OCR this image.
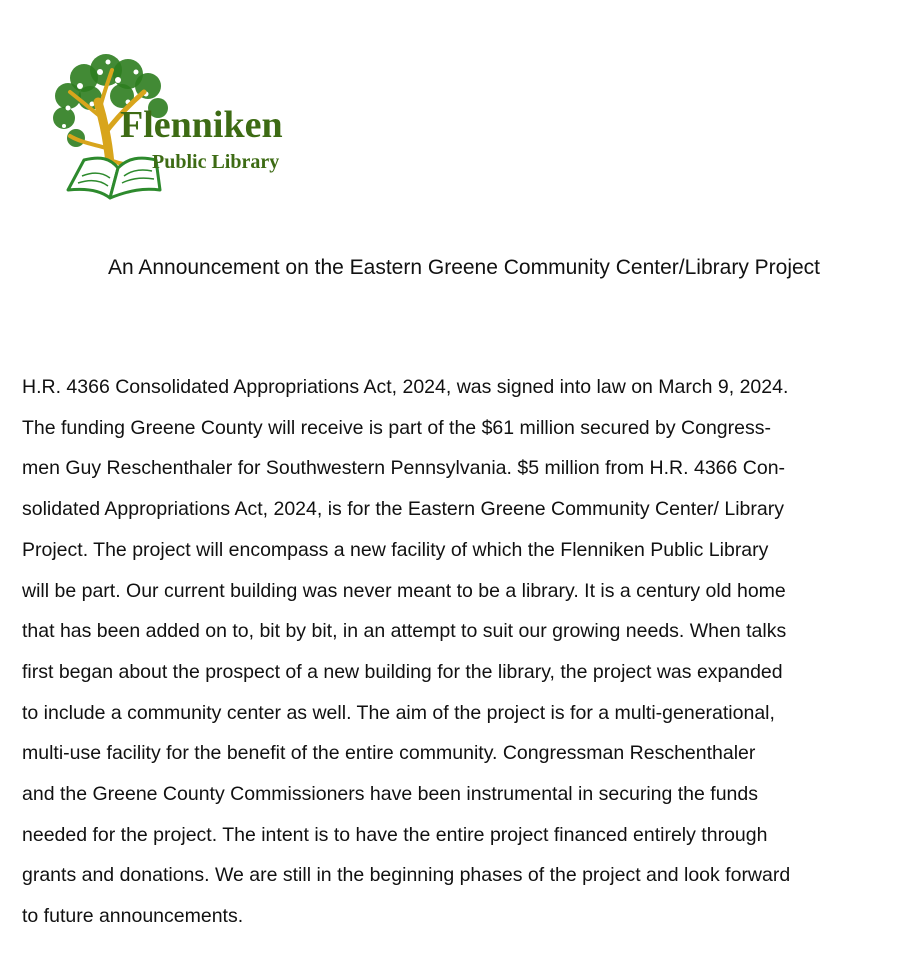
Flenniken
Public Library
An Announcement on the Eastern Greene Community Center/Library Project
H.R. 4366 Consolidated Appropriations Act, 2024, was signed into law on March 9, 2024.
The funding Greene County will receive is part of the $61 million secured by Congress-
men Guy Reschenthaler for Southwestern Pennsylvania. $5 million from H.R. 4366 Con-
solidated Appropriations Act, 2024, is for the Eastern Greene Community Center/ Library
Project. The project will encompass a new facility of which the Flenniken Public Library
will be part. Our current building was never meant to be a library. It is a century old home
that has been added on to, bit by bit, in an attempt to suit our growing needs. When talks
first began about the prospect of a new building for the library, the project was expanded
to include a community center as well. The aim of the project is for a multi-generational,
multi-use facility for the benefit of the entire community. Congressman Reschenthaler
and the Greene County Commissioners have been instrumental in securing the funds
needed for the project. The intent is to have the entire project financed entirely through
grants and donations. We are still in the beginning phases of the project and look forward
to future announcements.
